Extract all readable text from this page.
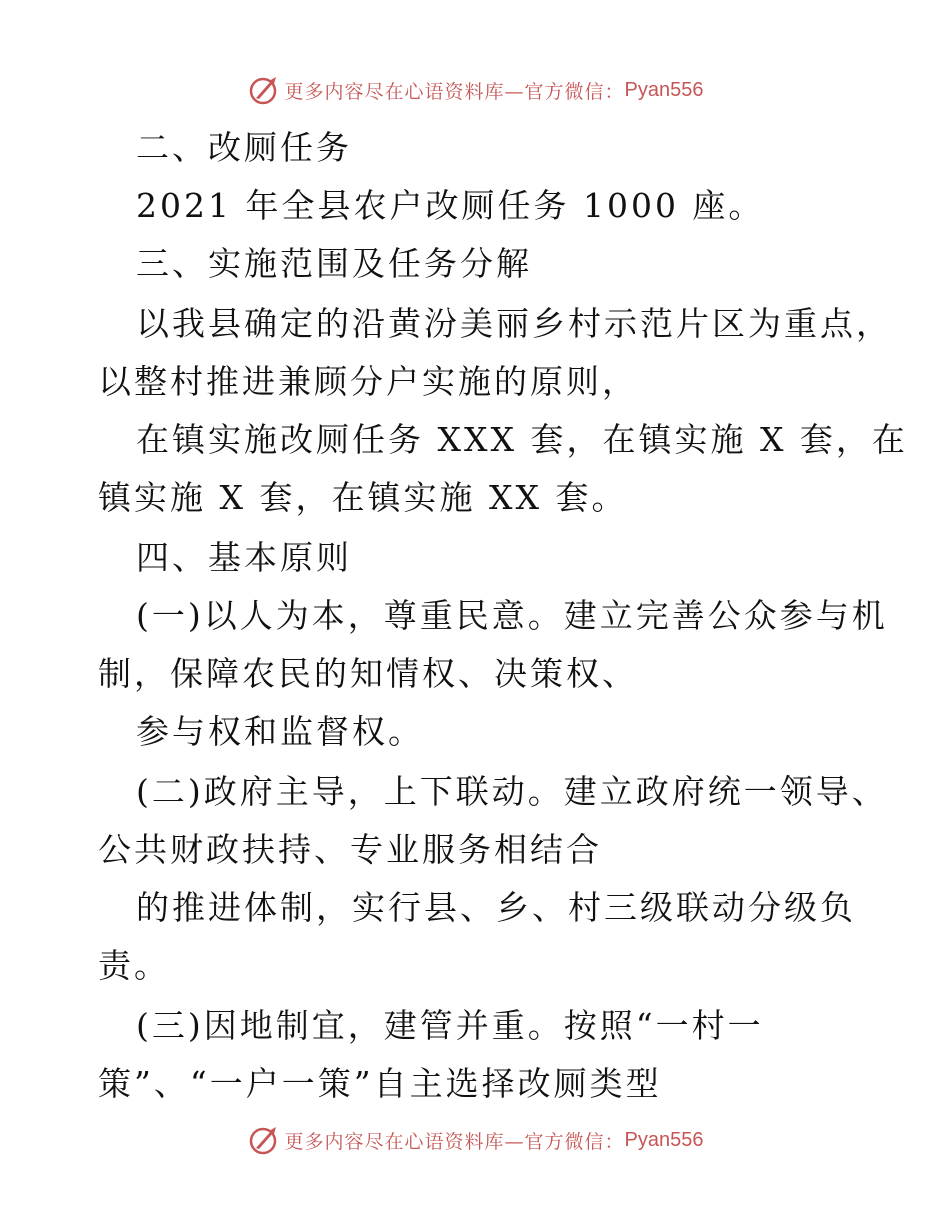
更多内容尽在心语资料库—官方微信： Pyan556
二、改厕任务
2021 年全县农户改厕任务 1000 座。
三、实施范围及任务分解
以我县确定的沿黄汾美丽乡村示范片区为重点，
以整村推进兼顾分户实施的原则，
在镇实施改厕任务 XXX 套，在镇实施 X 套，在
镇实施 X 套，在镇实施 XX 套。
四、基本原则
(一)以人为本，尊重民意。建立完善公众参与机
制，保障农民的知情权、决策权、
参与权和监督权。
(二)政府主导，上下联动。建立政府统一领导、
公共财政扶持、专业服务相结合
的推进体制，实行县、乡、村三级联动分级负
责。
(三)因地制宜，建管并重。按照“一村一
策”、“一户一策”自主选择改厕类型
更多内容尽在心语资料库—官方微信： Pyan556
